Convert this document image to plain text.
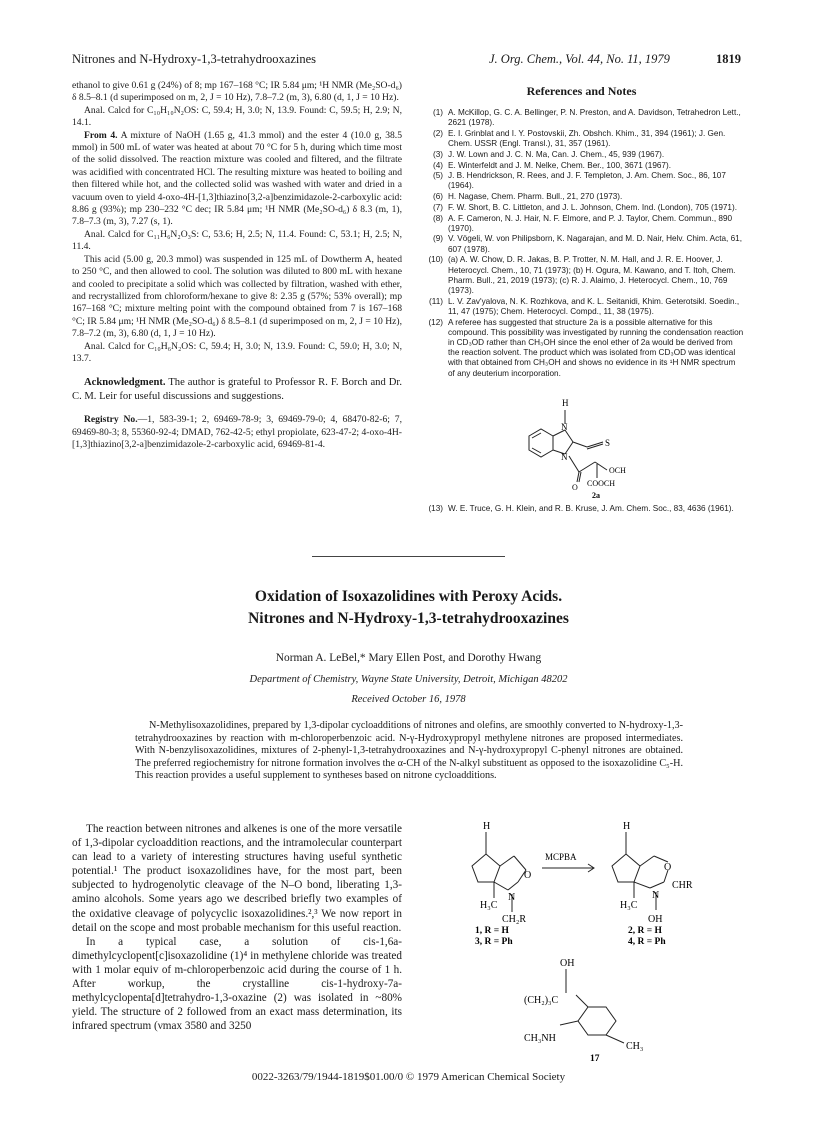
Nitrones and N-Hydroxy-1,3-tetrahydrooxazines	J. Org. Chem., Vol. 44, No. 11, 1979	1819

ethanol to give 0.61 g (24%) of 8; mp 167–168 °C; IR 5.84 μm; ¹H NMR (Me₂SO-d₆) δ 8.5–8.1 (d superimposed on m, 2, J = 10 Hz), 7.8–7.2 (m, 3), 6.80 (d, 1, J = 10 Hz).

Anal. Calcd for C₁₀H₁₀N₂OS: C, 59.4; H, 3.0; N, 13.9. Found: C, 59.5; H, 2.9; N, 14.1.

From 4. A mixture of NaOH (1.65 g, 41.3 mmol) and the ester 4 (10.0 g, 38.5 mmol) in 500 mL of water was heated at about 70 °C for 5 h, during which time most of the solid dissolved. The reaction mixture was cooled and filtered, and the filtrate was acidified with concentrated HCl. The resulting mixture was heated to boiling and then filtered while hot, and the collected solid was washed with water and dried in a vacuum oven to yield 4-oxo-4H-[1,3]thiazino[3,2-a]benzimidazole-2-carboxylic acid: 8.86 g (93%); mp 230–232 °C dec; IR 5.84 μm; ¹H NMR (Me₂SO-d₆) δ 8.3 (m, 1), 7.8–7.3 (m, 3), 7.27 (s, 1).

Anal. Calcd for C₁₁H₆N₂O₃S: C, 53.6; H, 2.5; N, 11.4. Found: C, 53.1; H, 2.5; N, 11.4.

This acid (5.00 g, 20.3 mmol) was suspended in 125 mL of Dowtherm A, heated to 250 °C, and then allowed to cool. The solution was diluted to 800 mL with hexane and cooled to precipitate a solid which was collected by filtration, washed with ether, and recrystallized from chloroform/hexane to give 8: 2.35 g (57%; 53% overall); mp 167–168 °C; mixture melting point with the compound obtained from 7 is 167–168 °C; IR 5.84 μm; ¹H NMR (Me₂SO-d₆) δ 8.5–8.1 (d superimposed on m, 2, J = 10 Hz), 7.8–7.2 (m, 3), 6.80 (d, 1, J = 10 Hz).

Anal. Calcd for C₁₀H₆N₂OS: C, 59.4; H, 3.0; N, 13.9. Found: C, 59.0; H, 3.0; N, 13.7.

Acknowledgment. The author is grateful to Professor R. F. Borch and Dr. C. M. Leir for useful discussions and suggestions.

Registry No.—1, 583-39-1; 2, 69469-78-9; 3, 69469-79-0; 4, 68470-82-6; 7, 69469-80-3; 8, 55360-92-4; DMAD, 762-42-5; ethyl propiolate, 623-47-2; 4-oxo-4H-[1,3]thiazino[3,2-a]benzimidazole-2-carboxylic acid, 69469-81-4.

References and Notes
(1) A. McKillop, G. C. A. Bellinger, P. N. Preston, and A. Davidson, Tetrahedron Lett., 2621 (1978).
(2) E. I. Grinblat and I. Y. Postovskii, Zh. Obshch. Khim., 31, 394 (1961); J. Gen. Chem. USSR (Engl. Transl.), 31, 357 (1961).
(3) J. W. Lown and J. C. N. Ma, Can. J. Chem., 45, 939 (1967).
(4) E. Winterfeldt and J. M. Nelke, Chem. Ber., 100, 3671 (1967).
(5) J. B. Hendrickson, R. Rees, and J. F. Templeton, J. Am. Chem. Soc., 86, 107 (1964).
(6) H. Nagase, Chem. Pharm. Bull., 21, 270 (1973).
(7) F. W. Short, B. C. Littleton, and J. L. Johnson, Chem. Ind. (London), 705 (1971).
(8) A. F. Cameron, N. J. Hair, N. F. Elmore, and P. J. Taylor, Chem. Commun., 890 (1970).
(9) V. Vögeli, W. von Philipsborn, K. Nagarajan, and M. D. Nair, Helv. Chim. Acta, 61, 607 (1978).
(10) (a) A. W. Chow, D. R. Jakas, B. P. Trotter, N. M. Hall, and J. R. E. Hoover, J. Heterocycl. Chem., 10, 71 (1973); (b) H. Ogura, M. Kawano, and T. Itoh, Chem. Pharm. Bull., 21, 2019 (1973); (c) R. J. Alaimo, J. Heterocycl. Chem., 10, 769 (1973).
(11) L. V. Zav'yalova, N. K. Rozhkova, and K. L. Seitanidi, Khim. Geterotsikl. Soedin., 11, 47 (1975); Chem. Heterocycl. Compd., 11, 38 (1975).
(12) A referee has suggested that structure 2a is a possible alternative for this compound. This possibility was investigated by running the condensation reaction in CD₃OD rather than CH₃OH since the enol ether of 2a would be derived from the reaction solvent. The product which was isolated from CD₃OD was identical with that obtained from CH₃OH and shows no evidence in its ¹H NMR spectrum of any deuterium incorporation.
H
N
N
S
O
OCH
COOCH
2a
(13) W. E. Truce, G. H. Klein, and R. B. Kruse, J. Am. Chem. Soc., 83, 4636 (1961).
Oxidation of Isoxazolidines with Peroxy Acids.
Nitrones and N-Hydroxy-1,3-tetrahydrooxazines
Norman A. LeBel,* Mary Ellen Post, and Dorothy Hwang
Department of Chemistry, Wayne State University, Detroit, Michigan 48202
Received October 16, 1978

N-Methylisoxazolidines, prepared by 1,3-dipolar cycloadditions of nitrones and olefins, are smoothly converted to N-hydroxy-1,3-tetrahydrooxazines by reaction with m-chloroperbenzoic acid. N-γ-Hydroxypropyl methylene nitrones are proposed intermediates. With N-benzylisoxazolidines, mixtures of 2-phenyl-1,3-tetrahydrooxazines and N-γ-hydroxypropyl C-phenyl nitrones are obtained. The preferred regiochemistry for nitrone formation involves the α-CH of the N-alkyl substituent as opposed to the isoxazolidine C₅-H. This reaction provides a useful supplement to syntheses based on nitrone cycloadditions.

The reaction between nitrones and alkenes is one of the more versatile of 1,3-dipolar cycloaddition reactions, and the intramolecular counterpart can lead to a variety of interesting structures having useful synthetic potential.¹ The product isoxazolidines have, for the most part, been subjected to hydrogenolytic cleavage of the N–O bond, liberating 1,3-amino alcohols. Some years ago we described briefly two examples of the oxidative cleavage of polycyclic isoxazolidines.²,³ We now report in detail on the scope and most probable mechanism for this useful reaction.

In a typical case, a solution of cis-1,6a-dimethylcyclopent[c]isoxazolidine (1)⁴ in methylene chloride was treated with 1 molar equiv of m-chloroperbenzoic acid during the course of 1 h. After workup, the crystalline cis-1-hydroxy-7a-methylcyclopenta[d]tetrahydro-1,3-oxazine (2) was isolated in ~80% yield. The structure of 2 followed from an exact mass determination, its infrared spectrum (νmax 3580 and 3250

H
O
N
H₃C
CH₂R
MCPBA
H
O
N
CHR
H₃C
OH
1, R = H
3, R = Ph
2, R = H
4, R = Ph
OH
(CH₂)₃C
CH₃NH
CH₃
17
0022-3263/79/1944-1819$01.00/0 © 1979 American Chemical Society
